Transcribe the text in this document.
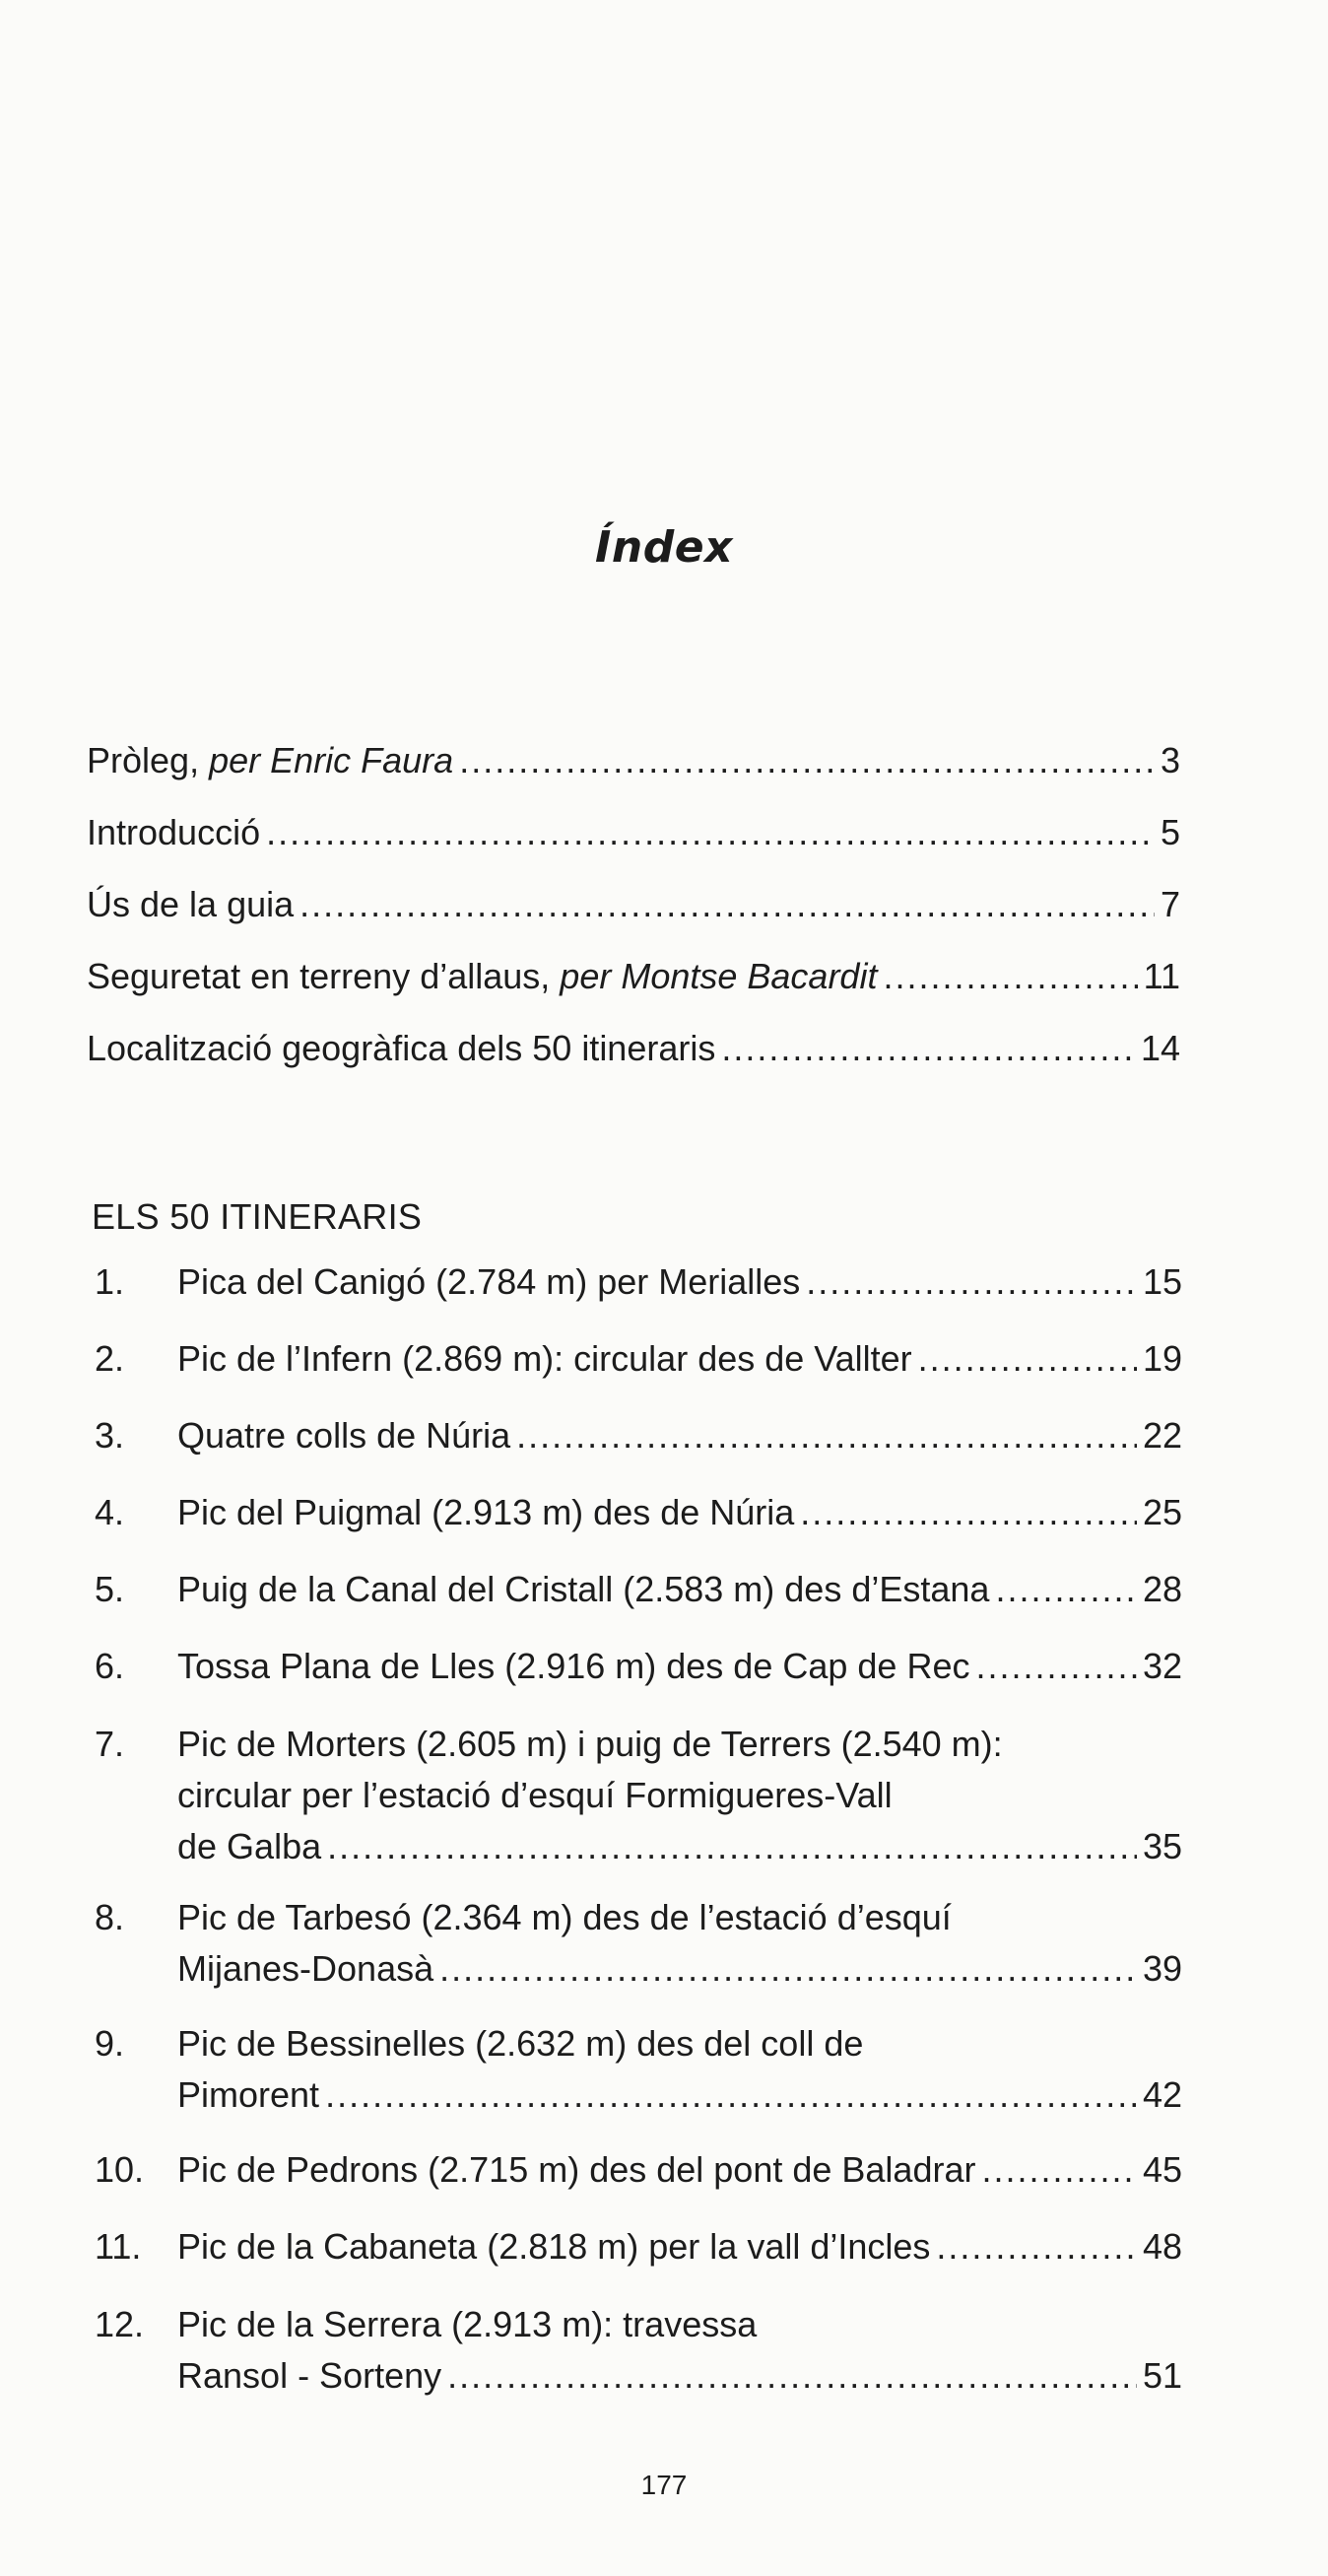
Índex
Pròleg, per Enric Faura .....	3
Introducció .....	5
Ús de la guia .....	7
Seguretat en terreny d’allaus, per Montse Bacardit .....	11
Localització geogràfica dels 50 itineraris .....	14
ELS 50 ITINERARIS
1. Pica del Canigó (2.784 m) per Merialles .....	15
2. Pic de l’Infern (2.869 m): circular des de Vallter .....	19
3. Quatre colls de Núria .....	22
4. Pic del Puigmal (2.913 m) des de Núria .....	25
5. Puig de la Canal del Cristall (2.583 m) des d’Estana .....	28
6. Tossa Plana de Lles (2.916 m) des de Cap de Rec .....	32
7. Pic de Morters (2.605 m) i puig de Terrers (2.540 m):
circular per l’estació d’esquí Formigueres-Vall
de Galba .....	35
8. Pic de Tarbesó (2.364 m) des de l’estació d’esquí
Mijanes-Donasà .....	39
9. Pic de Bessinelles (2.632 m) des del coll de
Pimorent .....	42
10. Pic de Pedrons (2.715 m) des del pont de Baladrar .....	45
11. Pic de la Cabaneta (2.818 m) per la vall d’Incles .....	48
12. Pic de la Serrera (2.913 m): travessa
Ransol - Sorteny .....	51
177
